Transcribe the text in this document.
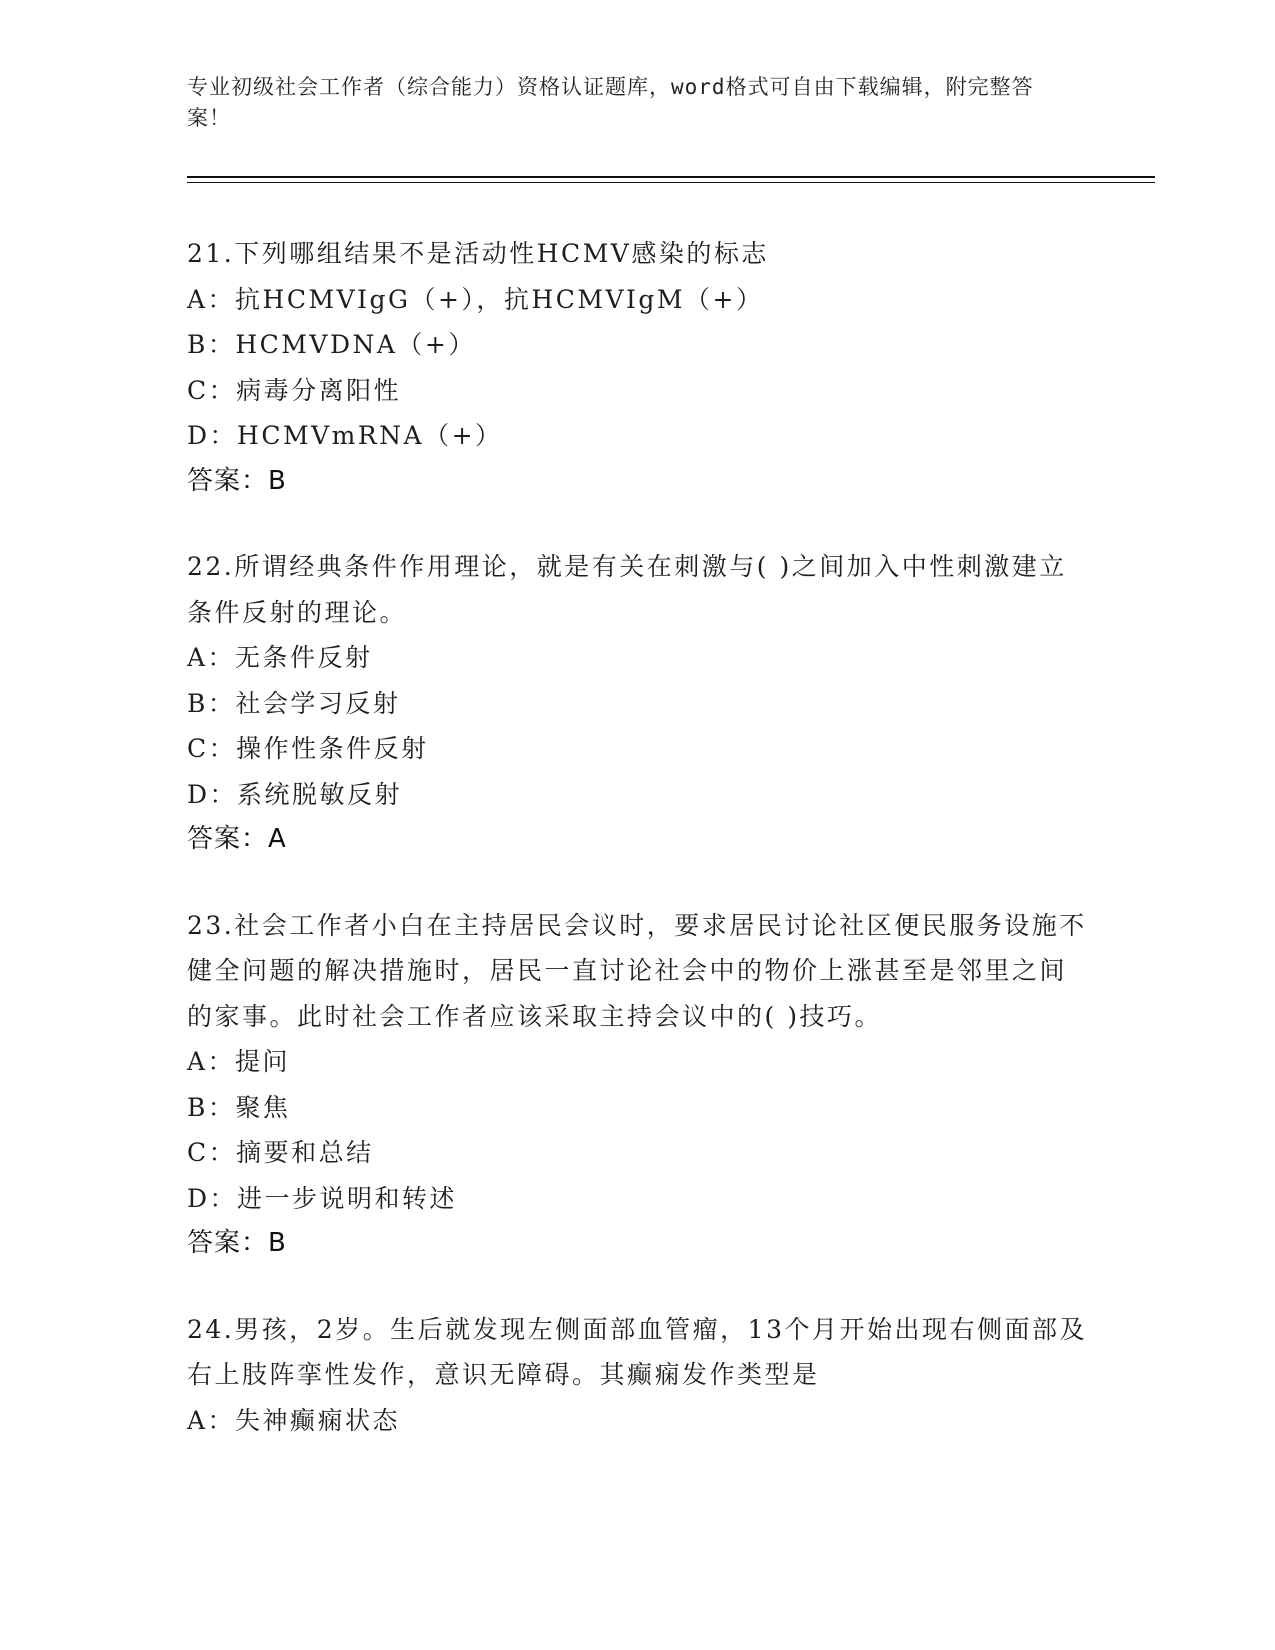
专业初级社会工作者（综合能力）资格认证题库，word格式可自由下载编辑，附完整答案！
21.下列哪组结果不是活动性HCMV感染的标志
A：抗HCMVIgG（+），抗HCMVIgM（+）
B：HCMVDNA（+）
C：病毒分离阳性
D：HCMVmRNA（+）
答案：B
22.所谓经典条件作用理论，就是有关在刺激与( )之间加入中性刺激建立条件反射的理论。
A：无条件反射
B：社会学习反射
C：操作性条件反射
D：系统脱敏反射
答案：A
23.社会工作者小白在主持居民会议时，要求居民讨论社区便民服务设施不健全问题的解决措施时，居民一直讨论社会中的物价上涨甚至是邻里之间的家事。此时社会工作者应该采取主持会议中的( )技巧。
A：提问
B：聚焦
C：摘要和总结
D：进一步说明和转述
答案：B
24.男孩，2岁。生后就发现左侧面部血管瘤，13个月开始出现右侧面部及右上肢阵挛性发作，意识无障碍。其癫痫发作类型是
A：失神癫痫状态
